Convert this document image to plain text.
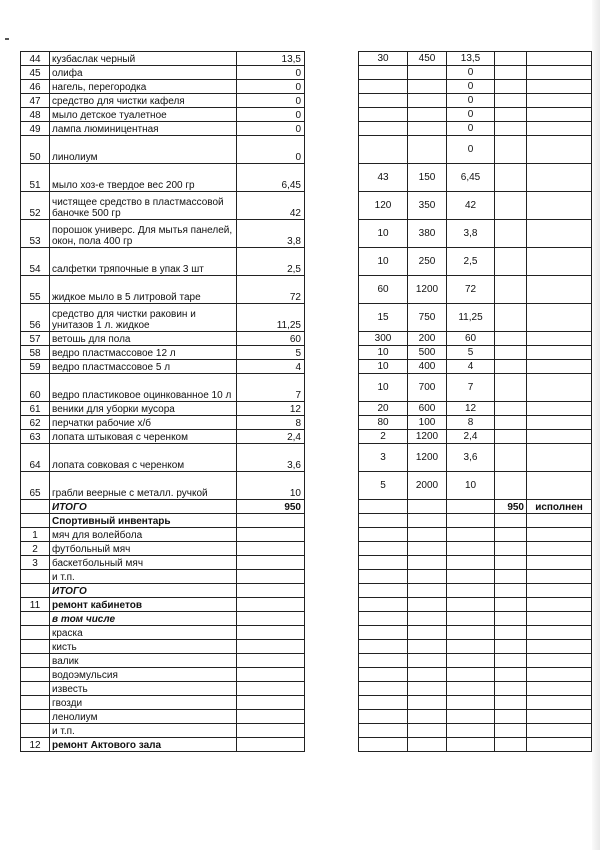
44	кузбаслак черный	13,5		30	450	13,5		
45	олифа	0				0		
46	нагель, перегородка	0				0		
47	средство для чистки кафеля	0				0		
48	мыло детское туалетное	0				0		
49	лампа люминицентная	0				0		
50	линолиум	0				0		
51	мыло хоз-е твердое вес 200 гр	6,45		43	150	6,45		
52	чистящее средство в пластмассовой баночке 500 гр	42		120	350	42		
53	порошок универс. Для мытья панелей, окон, пола 400 гр	3,8		10	380	3,8		
54	салфетки тряпочные в упак 3 шт	2,5		10	250	2,5		
55	жидкое мыло в 5 литровой таре	72		60	1200	72		
56	средство для чистки раковин и унитазов 1 л. жидкое	11,25		15	750	11,25		
57	ветошь для пола	60		300	200	60		
58	ведро пластмассовое 12 л	5		10	500	5		
59	ведро пластмассовое 5 л	4		10	400	4		
60	ведро пластиковое оцинкованное 10 л	7		10	700	7		
61	веники для уборки мусора	12		20	600	12		
62	перчатки рабочие х/б	8		80	100	8		
63	лопата штыковая с черенком	2,4		2	1200	2,4		
64	лопата совковая с черенком	3,6		3	1200	3,6		
65	грабли веерные с металл. ручкой	10		5	2000	10		
	ИТОГО	950					950	исполнен
	Спортивный инвентарь							
1	мяч для волейбола							
2	футбольный мяч							
3	баскетбольный мяч							
	и т.п.							
	ИТОГО							
11	ремонт кабинетов							
	в том числе							
	краска							
	кисть							
	валик							
	водоэмульсия							
	известь							
	гвозди							
	ленолиум							
	и т.п.							
12	ремонт Актового зала							
